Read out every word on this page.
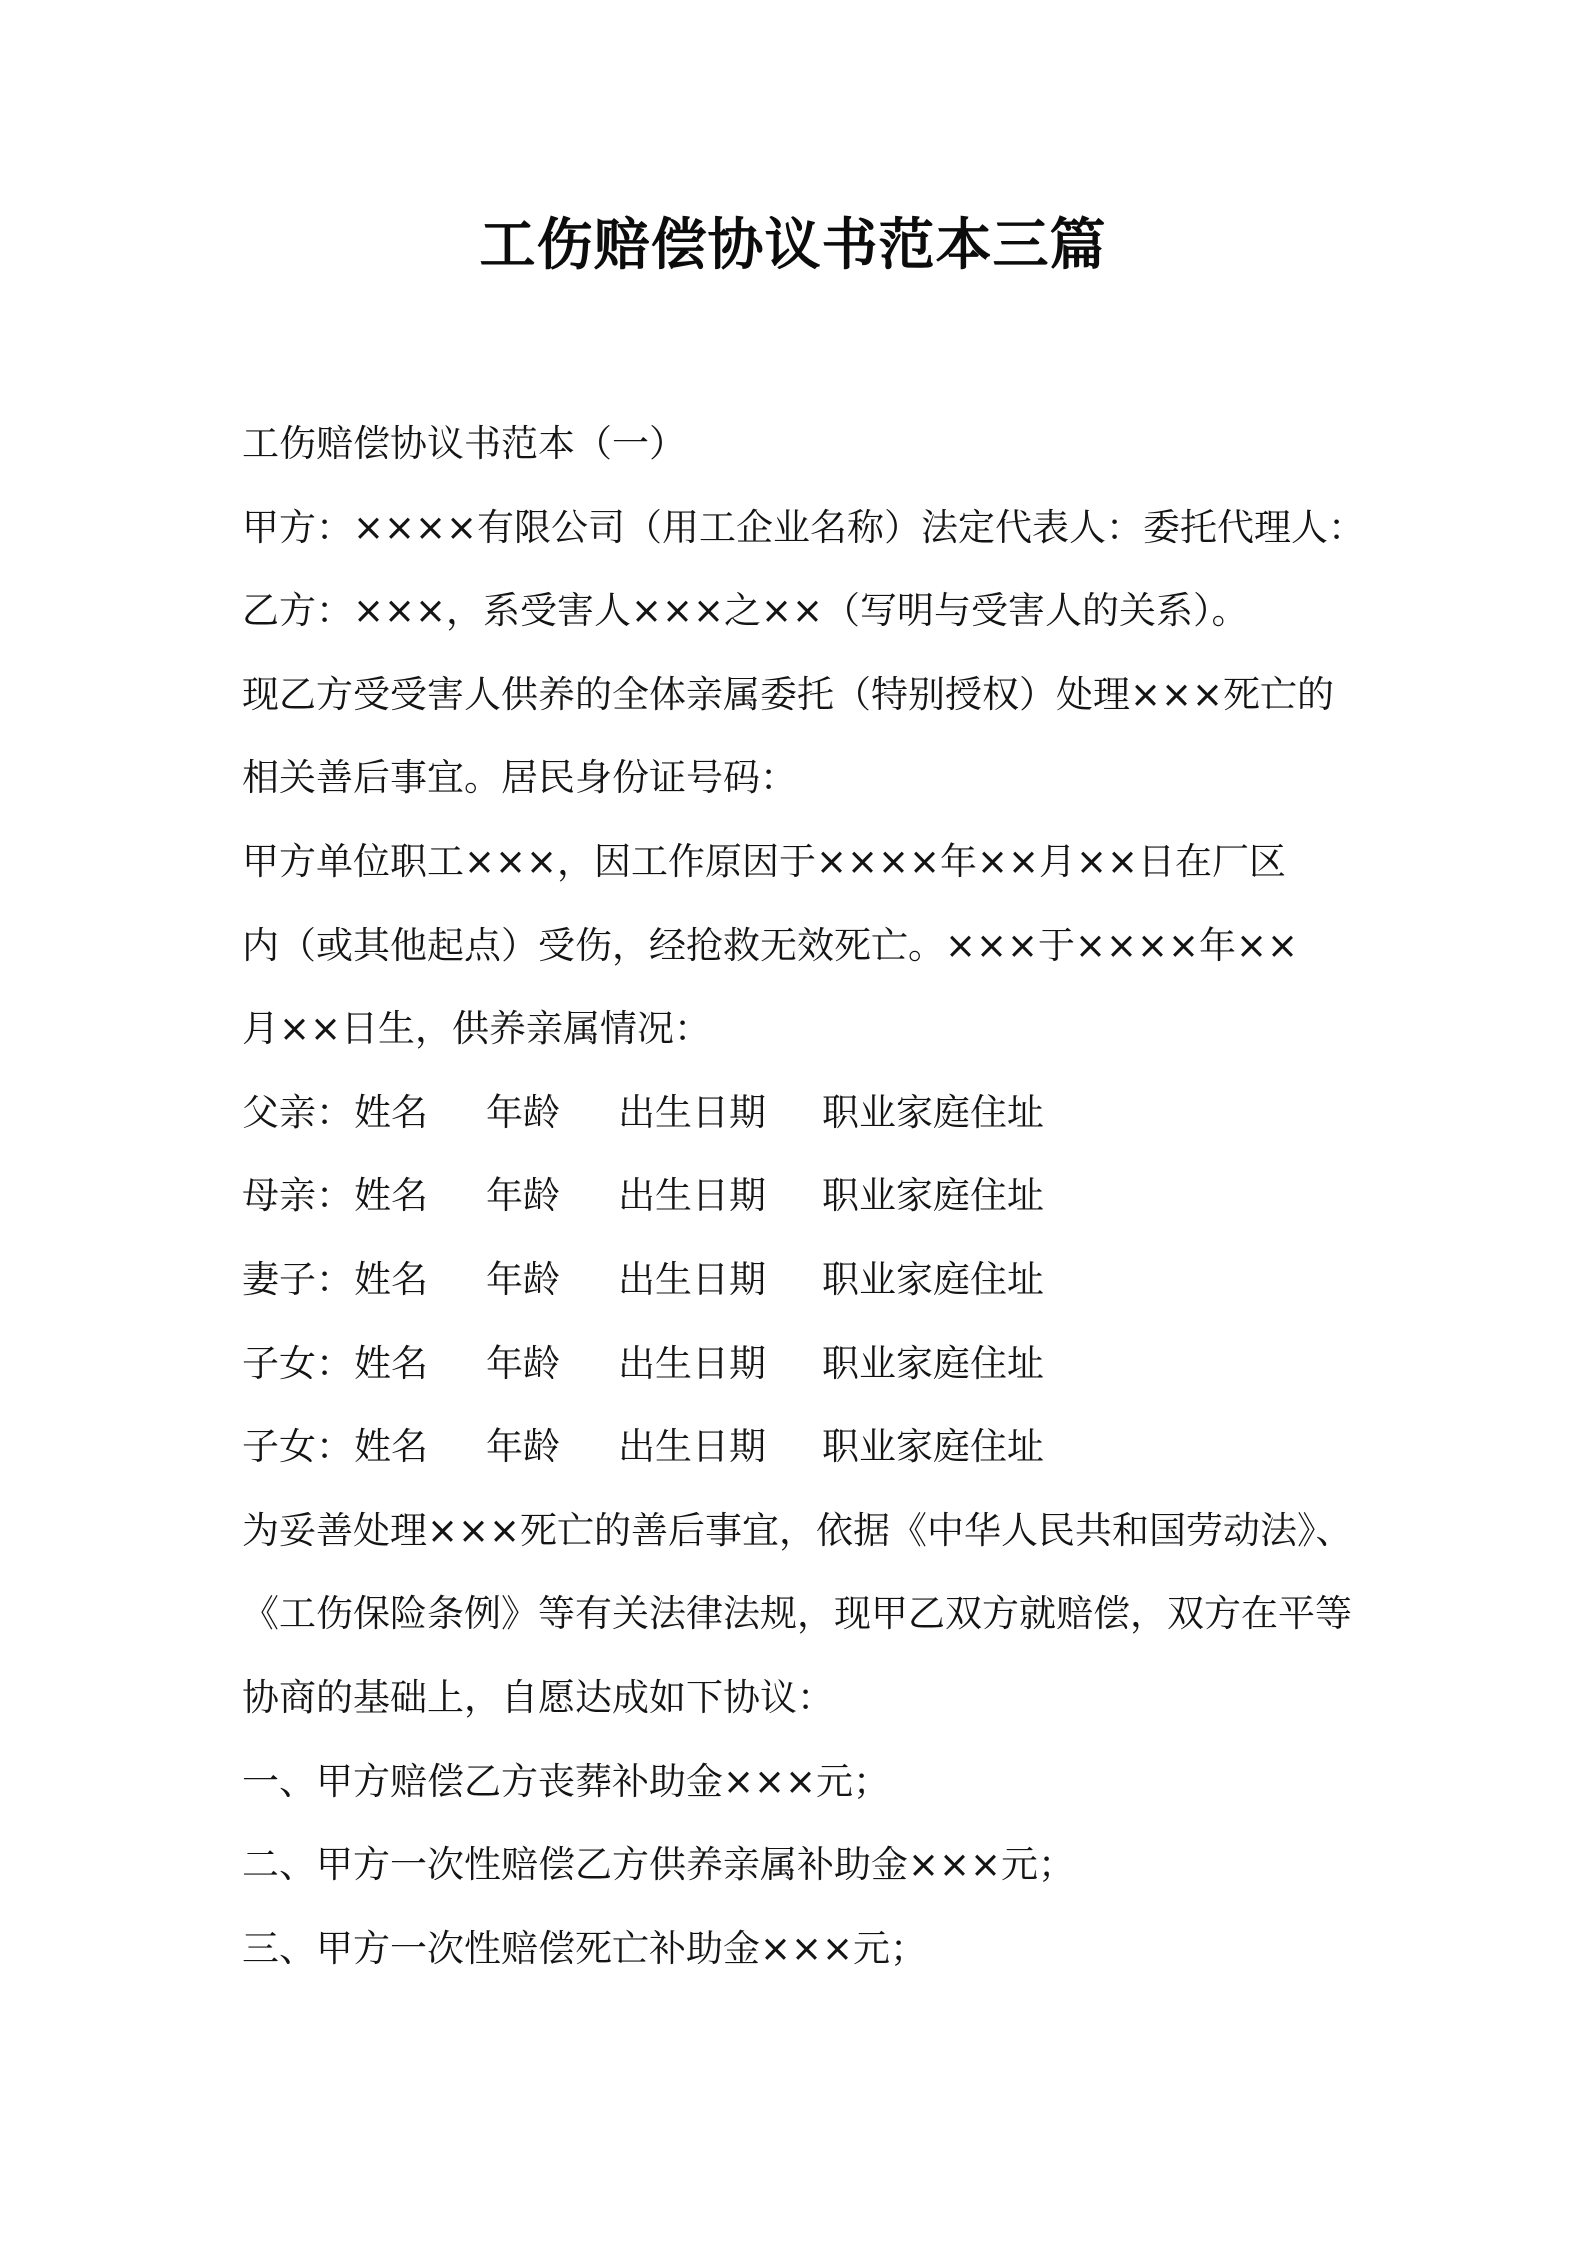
工伤赔偿协议书范本三篇
工伤赔偿协议书范本（一）
甲方：××××有限公司（用工企业名称）法定代表人：委托代理人：
乙方：×××，系受害人×××之××（写明与受害人的关系）。
现乙方受受害人供养的全体亲属委托（特别授权）处理×××死亡的
相关善后事宜。居民身份证号码：
甲方单位职工×××，因工作原因于××××年××月××日在厂区
内（或其他起点）受伤，经抢救无效死亡。×××于××××年××
月××日生，供养亲属情况：
父亲： 姓名 年龄 出生日期 职业家庭住址
母亲： 姓名 年龄 出生日期 职业家庭住址
妻子： 姓名 年龄 出生日期 职业家庭住址
子女： 姓名 年龄 出生日期 职业家庭住址
子女： 姓名 年龄 出生日期 职业家庭住址
为妥善处理×××死亡的善后事宜，依据《中华人民共和国劳动法》、
《工伤保险条例》等有关法律法规，现甲乙双方就赔偿，双方在平等
协商的基础上，自愿达成如下协议：
一、甲方赔偿乙方丧葬补助金×××元；
二、甲方一次性赔偿乙方供养亲属补助金×××元；
三、甲方一次性赔偿死亡补助金×××元；
